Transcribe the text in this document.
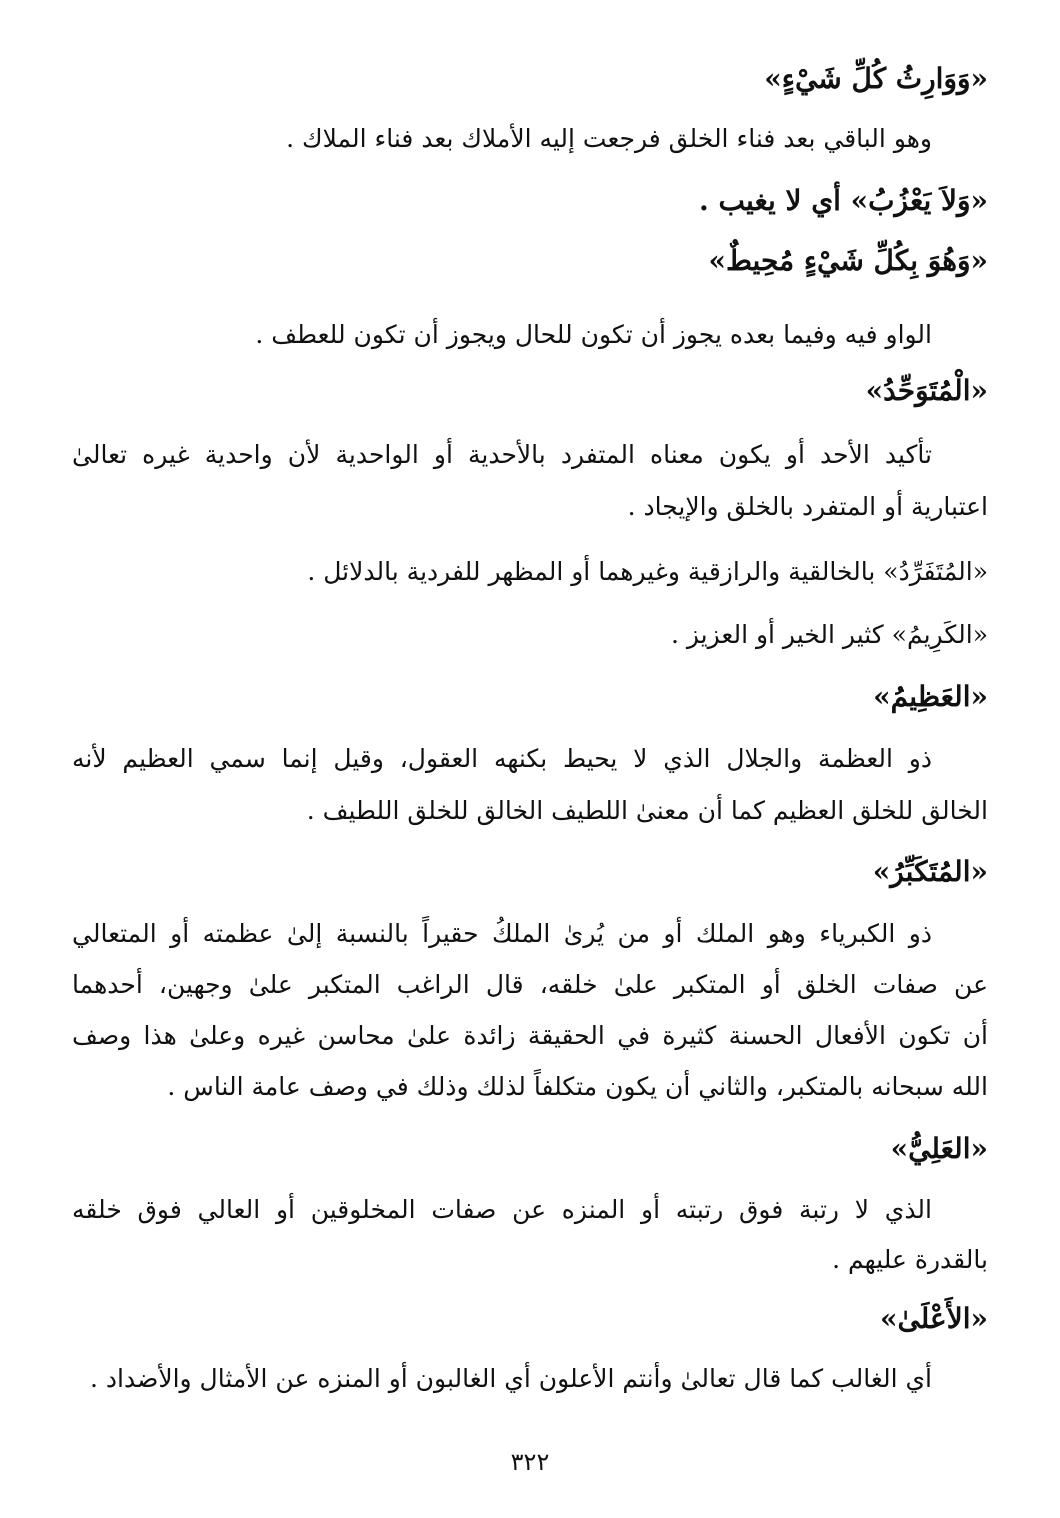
«وَوَارِثُ كُلِّ شَيْءٍ»
وهو الباقي بعد فناء الخلق فرجعت إليه الأملاك بعد فناء الملاك .
«وَلاَ يَعْزُبُ» أي لا يغيب .
«وَهُوَ بِكُلِّ شَيْءٍ مُحِيطٌ»
الواو فيه وفيما بعده يجوز أن تكون للحال ويجوز أن تكون للعطف .
«الْمُتَوَحِّدُ»
تأكيد الأحد أو يكون معناه المتفرد بالأحدية أو الواحدية لأن واحدية غيره تعالىٰ
اعتبارية أو المتفرد بالخلق والإيجاد .
«المُتَفَرِّدُ» بالخالقية والرازقية وغيرهما أو المظهر للفردية بالدلائل .
«الكَرِيمُ» كثير الخير أو العزيز .
«العَظِيمُ»
ذو العظمة والجلال الذي لا يحيط بكنهه العقول، وقيل إنما سمي العظيم لأنه
الخالق للخلق العظيم كما أن معنىٰ اللطيف الخالق للخلق اللطيف .
«المُتَكَبِّرُ»
ذو الكبرياء وهو الملك أو من يُرىٰ الملكُ حقيراً بالنسبة إلىٰ عظمته أو المتعالي
عن صفات الخلق أو المتكبر علىٰ خلقه، قال الراغب المتكبر علىٰ وجهين، أحدهما
أن تكون الأفعال الحسنة كثيرة في الحقيقة زائدة علىٰ محاسن غيره وعلىٰ هذا وصف
الله سبحانه بالمتكبر، والثاني أن يكون متكلفاً لذلك وذلك في وصف عامة الناس .
«العَلِيُّ»
الذي لا رتبة فوق رتبته أو المنزه عن صفات المخلوقين أو العالي فوق خلقه
بالقدرة عليهم .
«الأَعْلَىٰ»
أي الغالب كما قال تعالىٰ وأنتم الأعلون أي الغالبون أو المنزه عن الأمثال والأضداد .
٣٢٢
